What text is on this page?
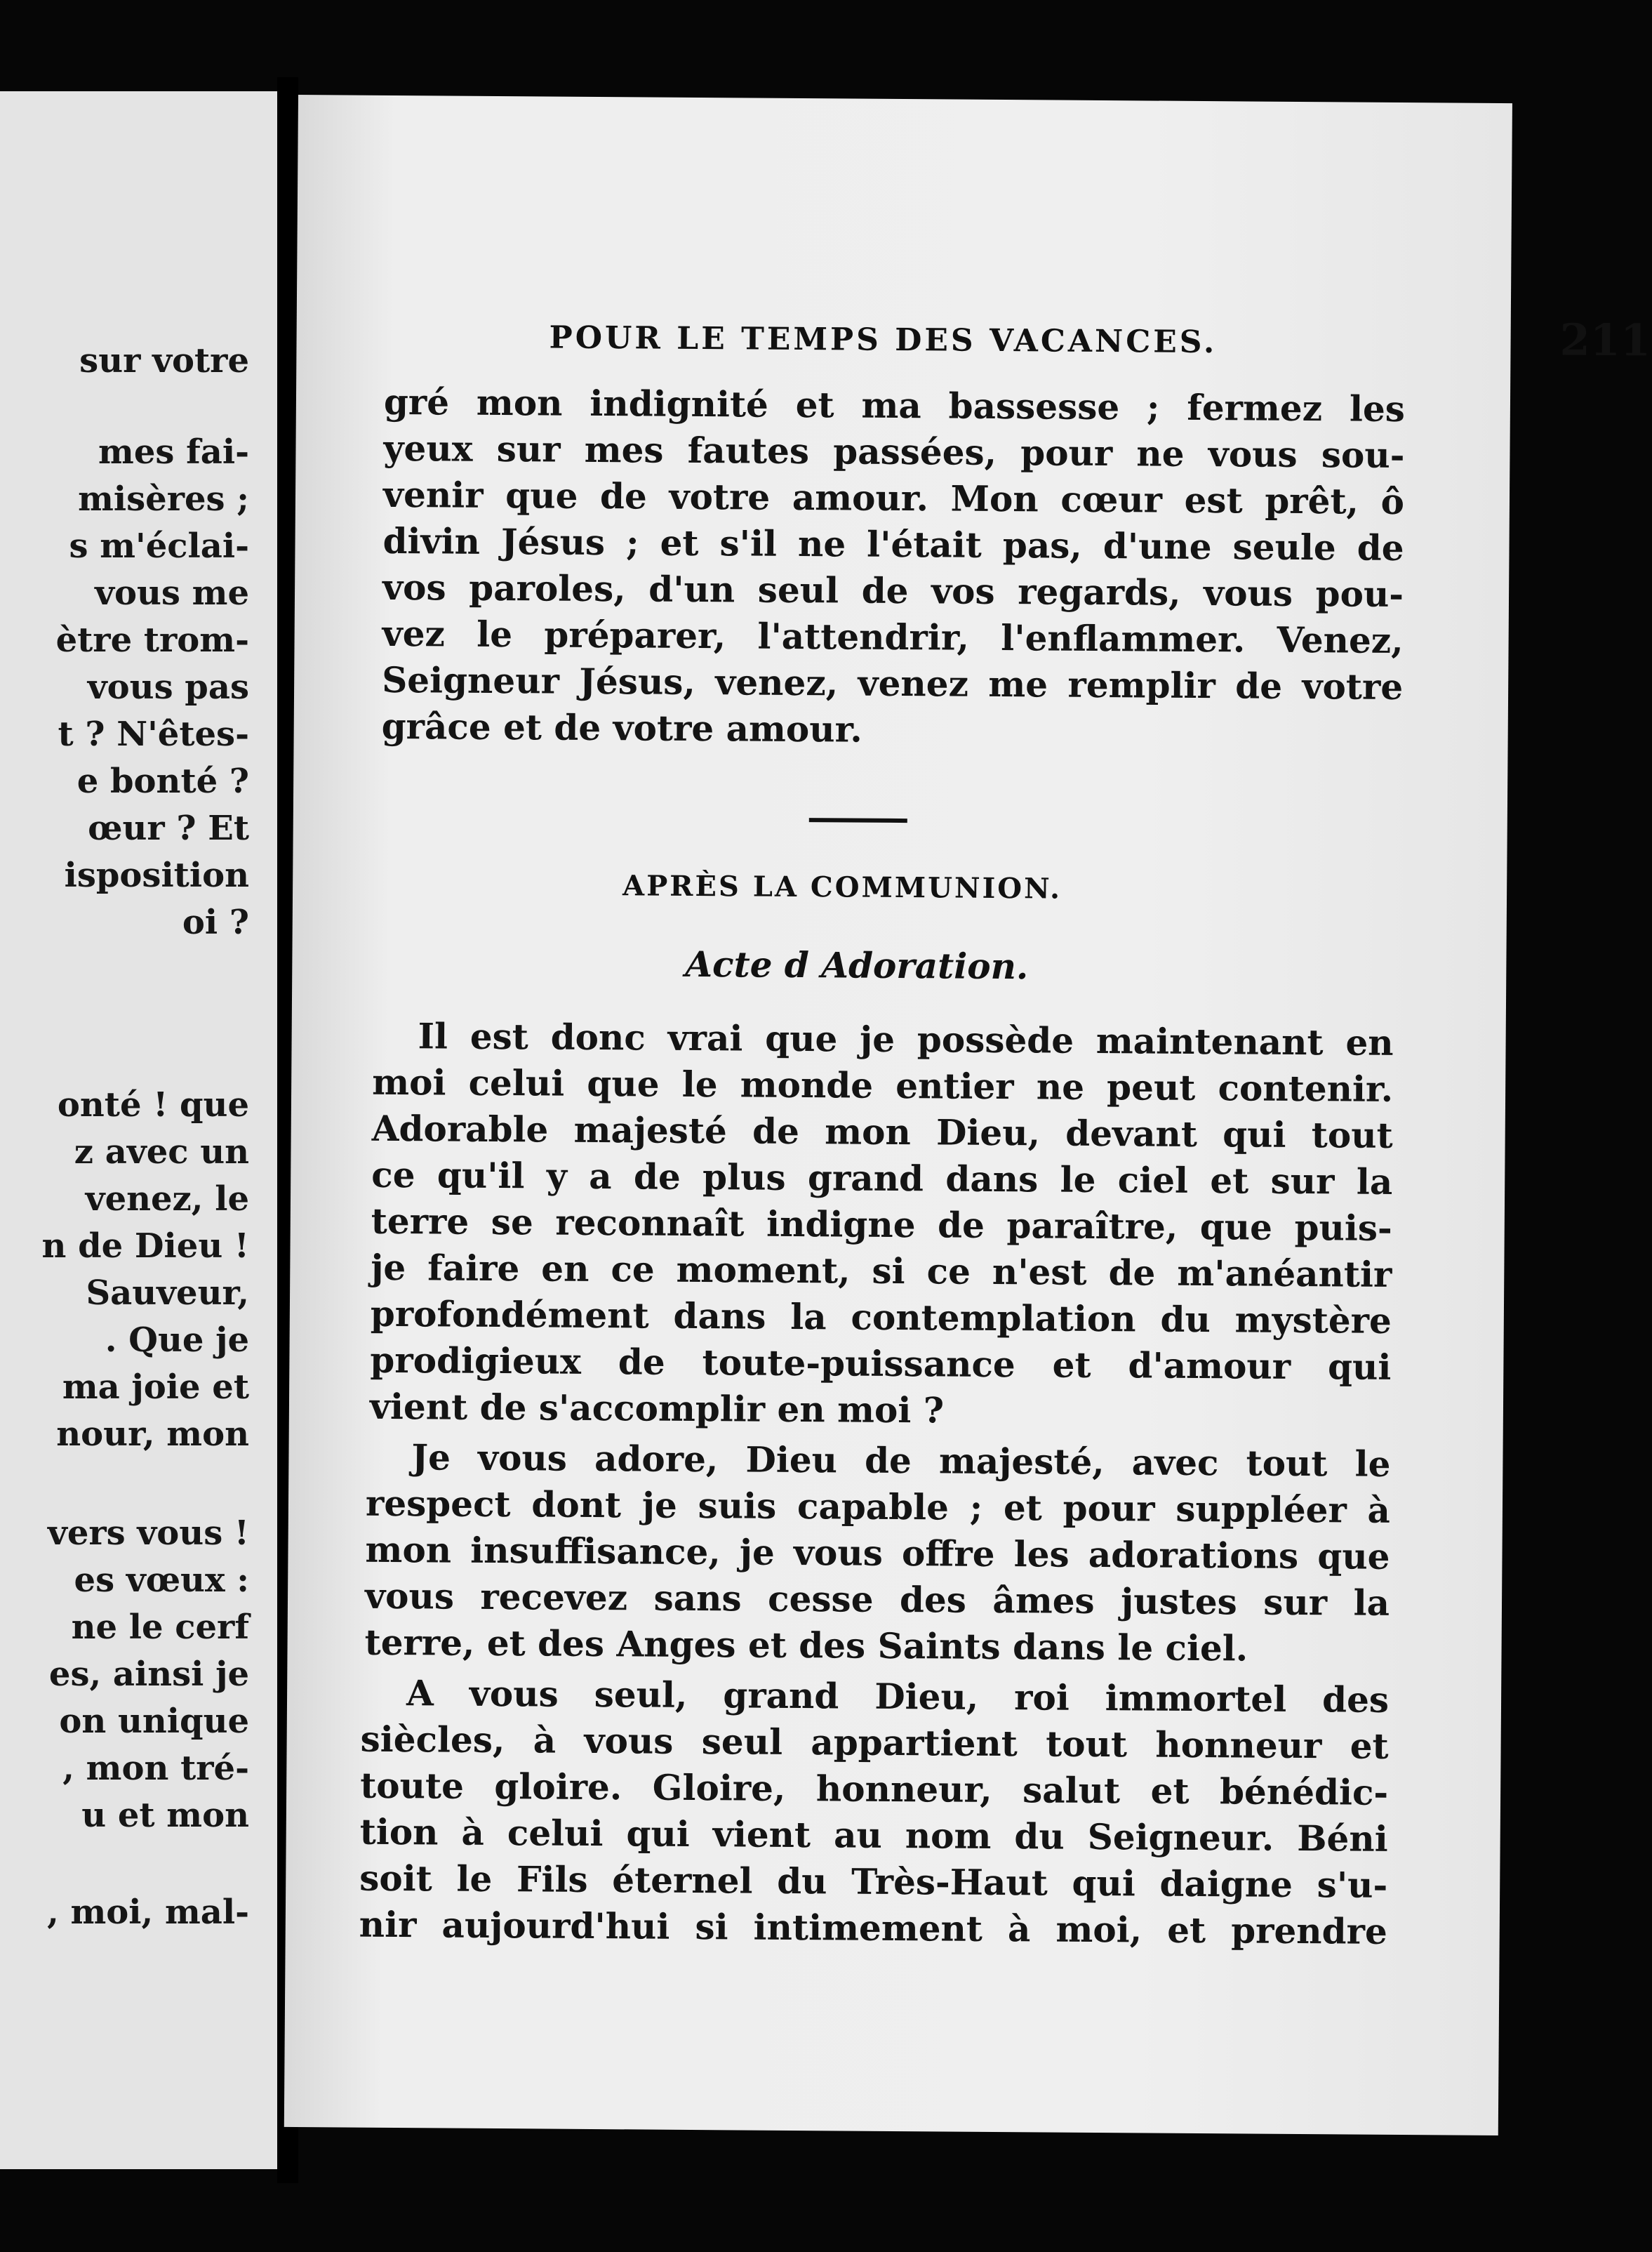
sur votre
mes fai-
misères ;
s m'éclai-
vous me
ètre trom-
vous pas
t ? N'êtes-
e bonté ?
œur ? Et
isposition
oi ?
onté ! que
z avec un
venez, le
n de Dieu !
Sauveur,
. Que je
ma joie et
nour, mon
vers vous !
es vœux :
ne le cerf
es, ainsi je
on unique
, mon tré-
u et mon
, moi, mal-
POUR LE TEMPS DES VACANCES.	211
gré mon indignité et ma bassesse ; fermez les
yeux sur mes fautes passées, pour ne vous sou-
venir que de votre amour. Mon cœur est prêt, ô
divin Jésus ; et s'il ne l'était pas, d'une seule de
vos paroles, d'un seul de vos regards, vous pou-
vez le préparer, l'attendrir, l'enflammer. Venez,
Seigneur Jésus, venez, venez me remplir de votre
grâce et de votre amour.
APRÈS LA COMMUNION.
Acte d Adoration.
Il est donc vrai que je possède maintenant en
moi celui que le monde entier ne peut contenir.
Adorable majesté de mon Dieu, devant qui tout
ce qu'il y a de plus grand dans le ciel et sur la
terre se reconnaît indigne de paraître, que puis-
je faire en ce moment, si ce n'est de m'anéantir
profondément dans la contemplation du mystère
prodigieux de toute-puissance et d'amour qui
vient de s'accomplir en moi ?
Je vous adore, Dieu de majesté, avec tout le
respect dont je suis capable ; et pour suppléer à
mon insuffisance, je vous offre les adorations que
vous recevez sans cesse des âmes justes sur la
terre, et des Anges et des Saints dans le ciel.
A vous seul, grand Dieu, roi immortel des
siècles, à vous seul appartient tout honneur et
toute gloire. Gloire, honneur, salut et bénédic-
tion à celui qui vient au nom du Seigneur. Béni
soit le Fils éternel du Très-Haut qui daigne s'u-
nir aujourd'hui si intimement à moi, et prendre
